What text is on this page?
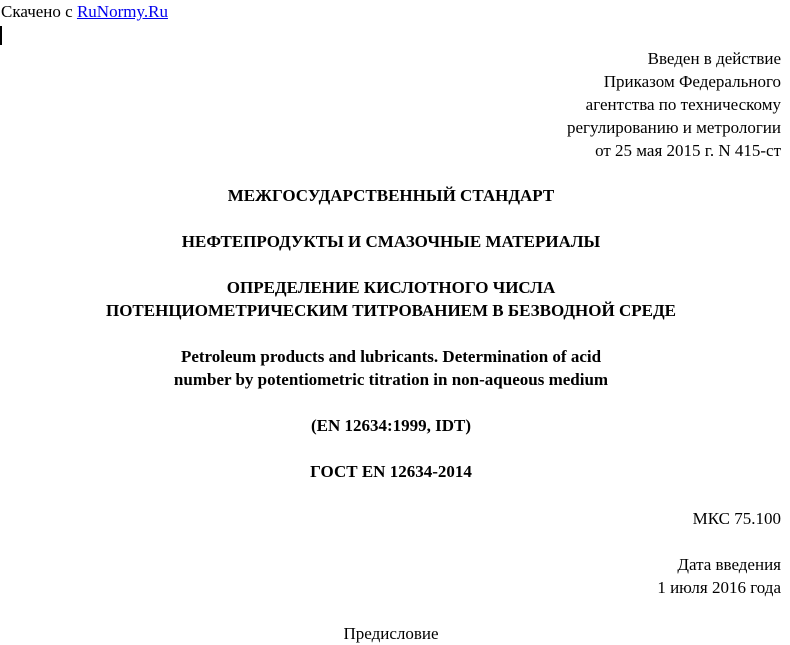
Скачено с RuNormy.Ru
Введен в действие
Приказом Федерального
агентства по техническому
регулированию и метрологии
от 25 мая 2015 г. N 415-ст
МЕЖГОСУДАРСТВЕННЫЙ СТАНДАРТ
НЕФТЕПРОДУКТЫ И СМАЗОЧНЫЕ МАТЕРИАЛЫ
ОПРЕДЕЛЕНИЕ КИСЛОТНОГО ЧИСЛА
ПОТЕНЦИОМЕТРИЧЕСКИМ ТИТРОВАНИЕМ В БЕЗВОДНОЙ СРЕДЕ
Petroleum products and lubricants. Determination of acid
number by potentiometric titration in non-aqueous medium
(EN 12634:1999, IDT)
ГОСТ EN 12634-2014
МКС 75.100
Дата введения
1 июля 2016 года
Предисловие
